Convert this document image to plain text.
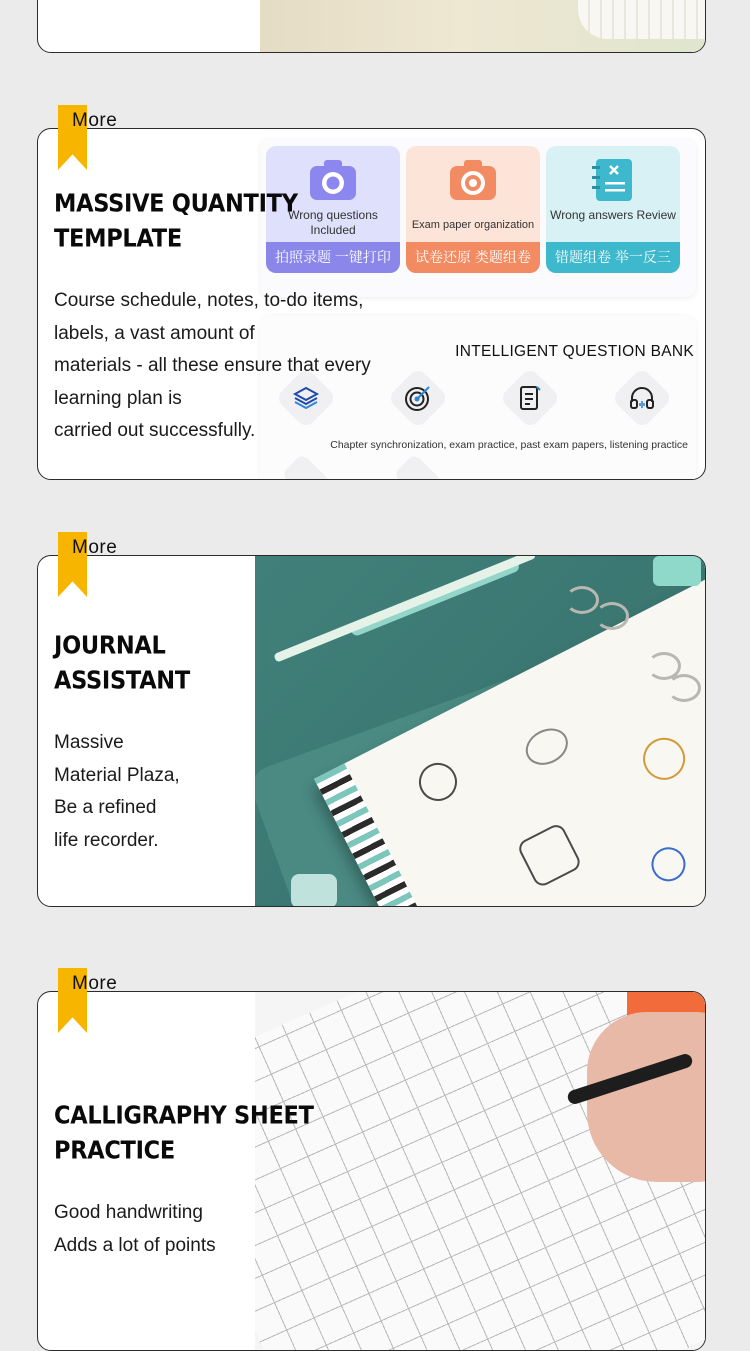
More
MASSIVE QUANTITY
TEMPLATE
Course schedule, notes, to-do items,
labels, a vast amount of
materials - all these ensure that every
learning plan is
carried out successfully.
Wrong questions Included
拍照录题 一键打印
Exam paper organization
试卷还原 类题组卷
Wrong answers Review
错题组卷 举一反三
INTELLIGENT QUESTION BANK
Chapter synchronization, exam practice, past exam papers, listening practice
More
JOURNAL
ASSISTANT
Massive
Material Plaza,
Be a refined
life recorder.
More
CALLIGRAPHY SHEET
PRACTICE
Good handwriting
Adds a lot of points
